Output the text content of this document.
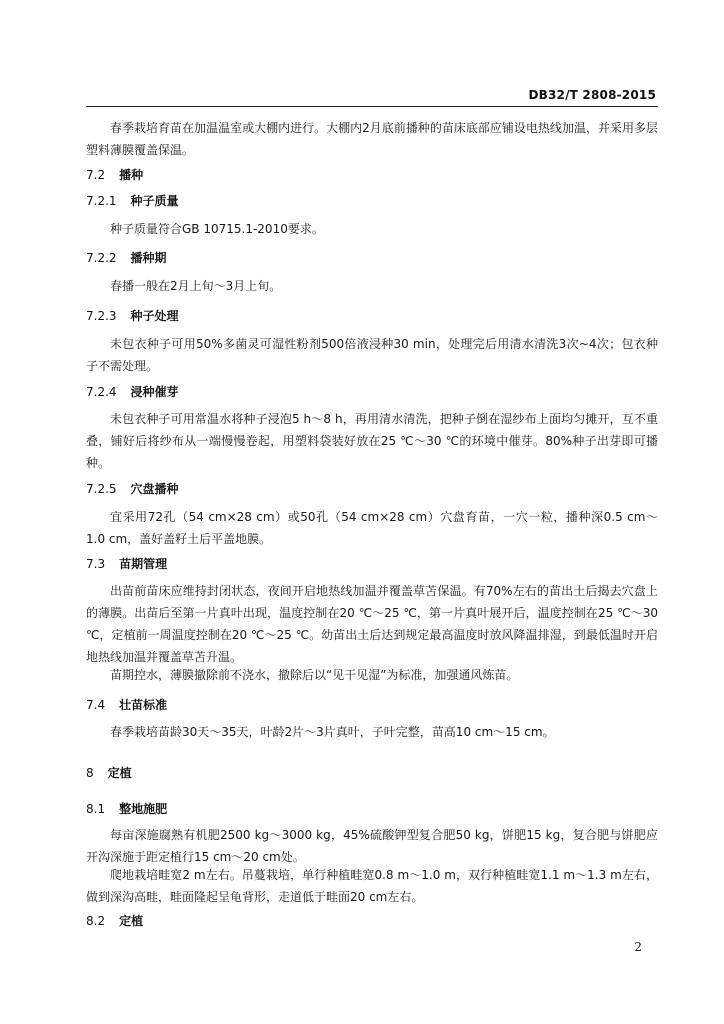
DB32/T 2808-2015
春季栽培育苗在加温温室或大棚内进行。大棚内2月底前播种的苗床底部应铺设电热线加温，并采用多层塑料薄膜覆盖保温。
7.2 播种
7.2.1 种子质量
种子质量符合GB 10715.1-2010要求。
7.2.2 播种期
春播一般在2月上旬～3月上旬。
7.2.3 种子处理
未包衣种子可用50%多菌灵可湿性粉剂500倍液浸种30 min，处理完后用清水清洗3次~4次；包衣种子不需处理。
7.2.4 浸种催芽
未包衣种子可用常温水将种子浸泡5 h～8 h，再用清水清洗，把种子倒在湿纱布上面均匀摊开，互不重叠，铺好后将纱布从一端慢慢卷起，用塑料袋装好放在25 ℃～30 ℃的环境中催芽。80%种子出芽即可播种。
7.2.5 穴盘播种
宜采用72孔（54 cm×28 cm）或50孔（54 cm×28 cm）穴盘育苗，一穴一粒，播种深0.5 cm～1.0 cm，盖好盖籽土后平盖地膜。
7.3 苗期管理
出苗前苗床应维持封闭状态，夜间开启地热线加温并覆盖草苫保温。有70%左右的苗出土后揭去穴盘上的薄膜。出苗后至第一片真叶出现，温度控制在20 ℃～25 ℃，第一片真叶展开后，温度控制在25 ℃～30 ℃，定植前一周温度控制在20 ℃～25 ℃。幼苗出土后达到规定最高温度时放风降温排湿，到最低温时开启地热线加温并覆盖草苫升温。
苗期控水，薄膜撤除前不浇水，撤除后以“见干见湿”为标准，加强通风炼苗。
7.4 壮苗标准
春季栽培苗龄30天～35天，叶龄2片～3片真叶，子叶完整，苗高10 cm～15 cm。
8 定植
8.1 整地施肥
每亩深施腐熟有机肥2500 kg～3000 kg，45%硫酸钾型复合肥50 kg，饼肥15 kg，复合肥与饼肥应开沟深施于距定植行15 cm～20 cm处。
爬地栽培畦宽2 m左右。吊蔓栽培，单行种植畦宽0.8 m～1.0 m，双行种植畦宽1.1 m～1.3 m左右，做到深沟高畦，畦面隆起呈龟背形，走道低于畦面20 cm左右。
8.2 定植
2
